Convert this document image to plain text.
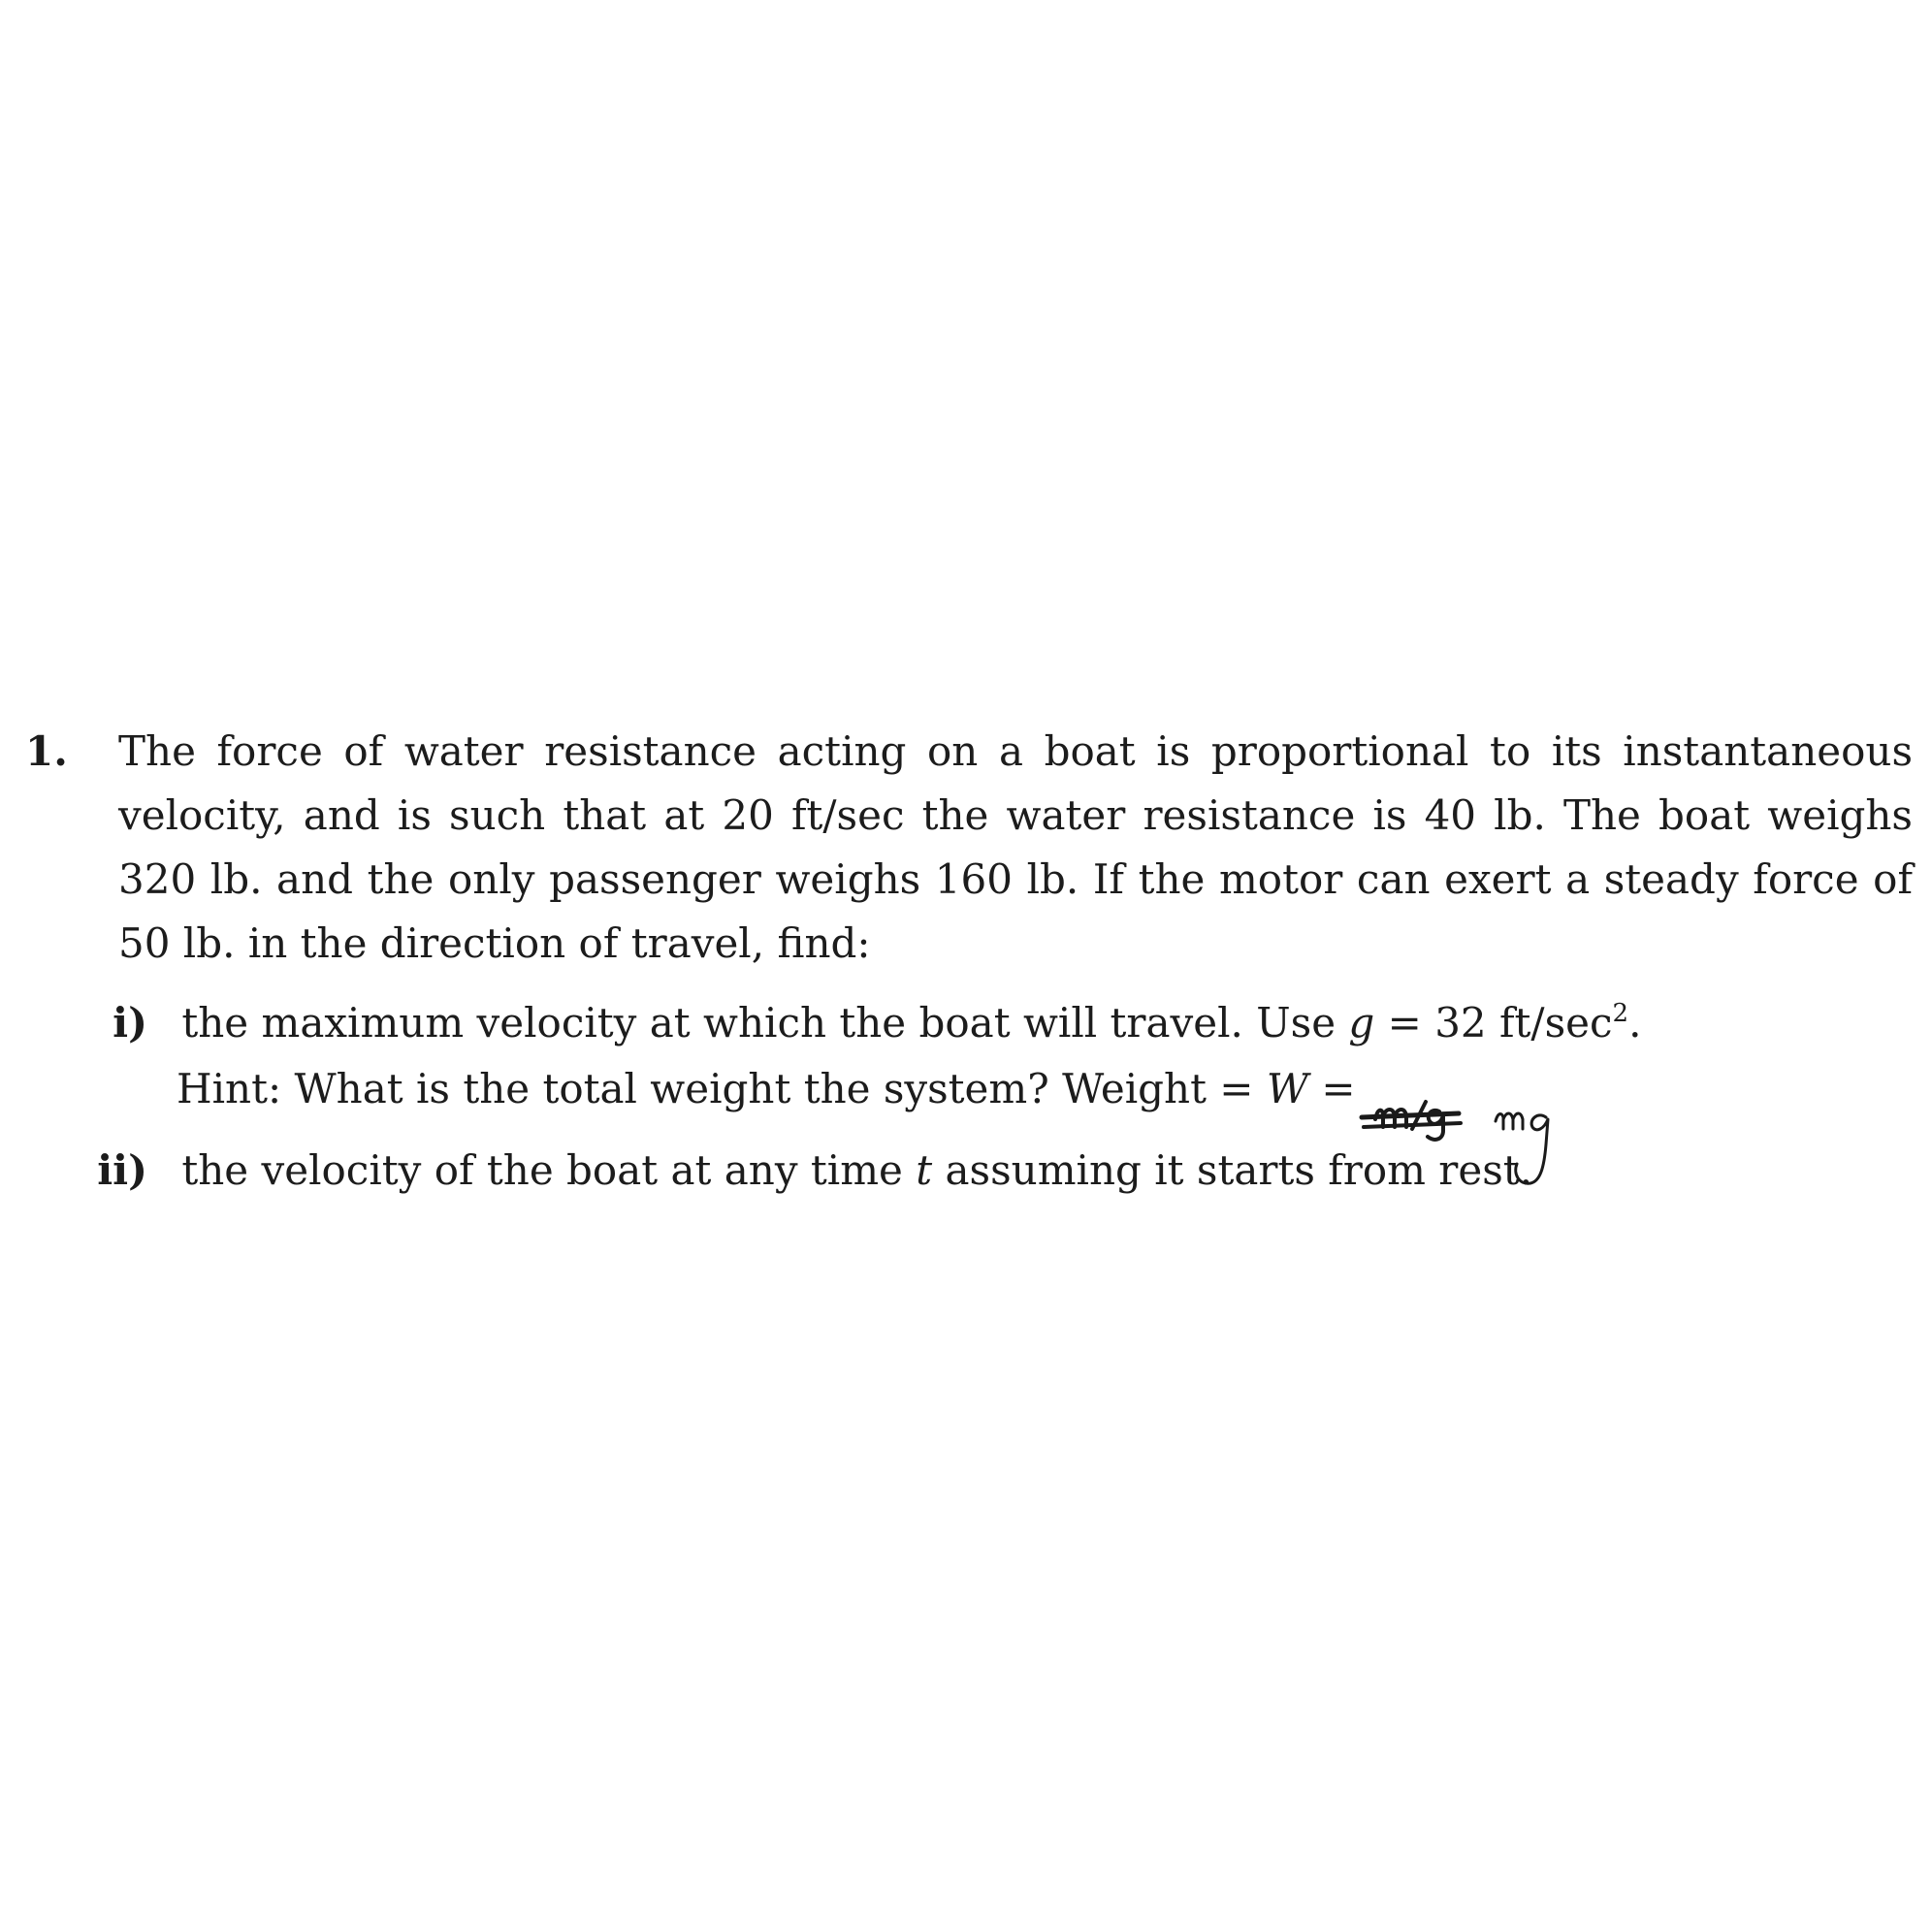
1. The force of water resistance acting on a boat is proportional to its instantaneous
velocity, and is such that at 20 ft/sec the water resistance is 40 lb. The boat weighs
320 lb. and the only passenger weighs 160 lb. If the motor can exert a steady force of
50 lb. in the direction of travel, find:
i) the maximum velocity at which the boat will travel. Use g = 32 $ft/\sec^2$.
Hint: What is the total weight the system? Weight = W =
ii) the velocity of the boat at any time t assuming it starts from rest.
